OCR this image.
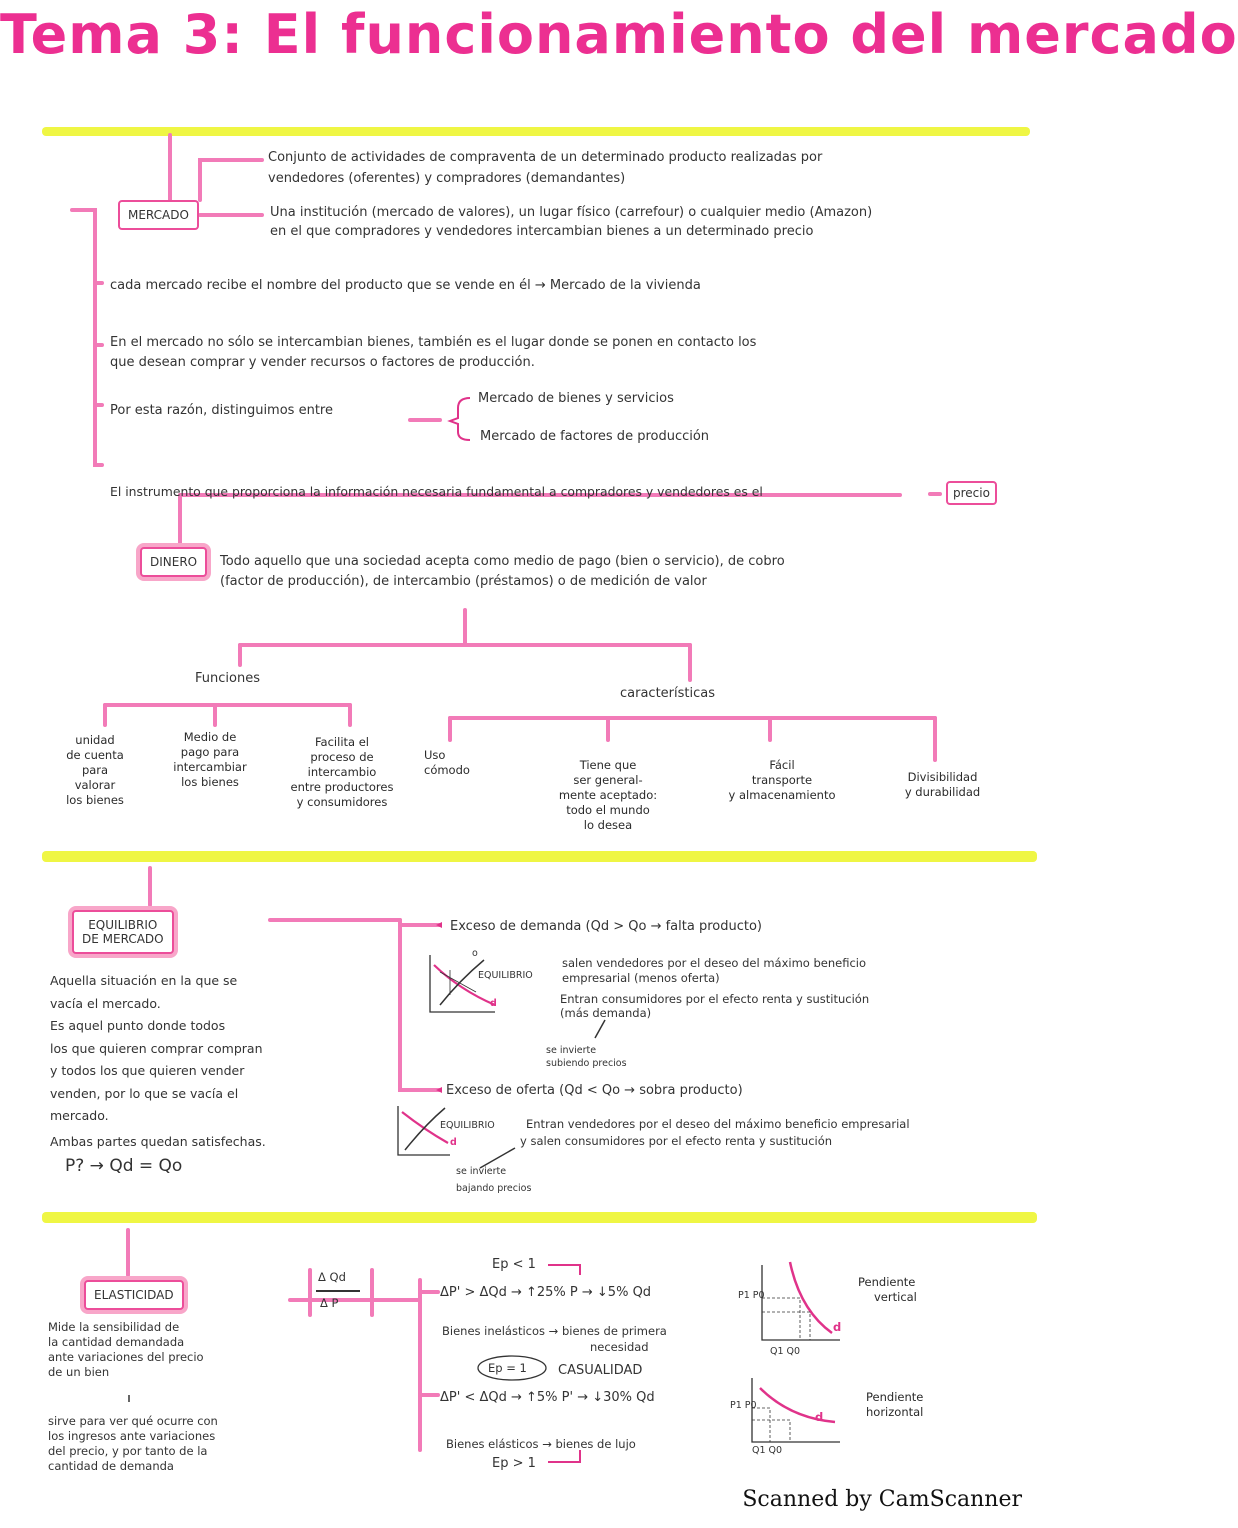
Tema 3: El funcionamiento del mercado
MERCADO
Conjunto de actividades de compraventa de un determinado producto realizadas por
vendedores (oferentes) y compradores (demandantes)
Una institución (mercado de valores), un lugar físico (carrefour) o cualquier medio (Amazon)
en el que compradores y vendedores intercambian bienes a un determinado precio
cada mercado recibe el nombre del producto que se vende en él → Mercado de la vivienda
En el mercado no sólo se intercambian bienes, también es el lugar donde se ponen en contacto los
que desean comprar y vender recursos o factores de producción.
Por esta razón, distinguimos entre
Mercado de bienes y servicios
Mercado de factores de producción
El instrumento que proporciona la información necesaria fundamental a compradores y vendedores es el	precio
DINERO	Todo aquello que una sociedad acepta como medio de pago (bien o servicio), de cobro
(factor de producción), de intercambio (préstamos) o de medición de valor
Funciones
características
unidad
de cuenta
para
valorar
los bienes
Medio de
pago para
intercambiar
los bienes
Facilita el
proceso de
intercambio
entre productores
y consumidores
Uso
cómodo	Tiene que
ser general-
mente aceptado:
todo el mundo
lo desea
Fácil
transporte
y almacenamiento
Divisibilidad
y durabilidad
EQUILIBRIO
DE MERCADO
Aquella situación en la que se
vacía el mercado.
Es aquel punto donde todos
los que quieren comprar compran
y todos los que quieren vender
venden, por lo que se vacía el
mercado.
Ambas partes quedan satisfechas.
P? → Qd = Qo
Exceso de demanda (Qd > Qo → falta producto)
EQUILIBRIO
d
o
salen vendedores por el deseo del máximo beneficio
empresarial (menos oferta)
Entran consumidores por el efecto renta y sustitución
(más demanda)
se invierte
subiendo precios
Exceso de oferta (Qd < Qo → sobra producto)
EQUILIBRIO
d
Entran vendedores por el deseo del máximo beneficio empresarial
y salen consumidores por el efecto renta y sustitución
se invierte
bajando precios
ELASTICIDAD
Δ Qd
Δ P
Mide la sensibilidad de
la cantidad demandada
ante variaciones del precio
de un bien
sirve para ver qué ocurre con
los ingresos ante variaciones
del precio, y por tanto de la
cantidad de demanda
Ep < 1
ΔP' > ΔQd → ↑25% P → ↓5% Qd
Bienes inelásticos → bienes de primera
necesidad
Ep = 1 CASUALIDAD
ΔP' < ΔQd → ↑5% P' → ↓30% Qd
Bienes elásticos → bienes de lujo
Ep > 1
P1 P0
Q1 Q0
d
P1 P0
Q1 Q0
d
Pendiente
vertical
Pendiente
horizontal
Scanned by CamScanner
